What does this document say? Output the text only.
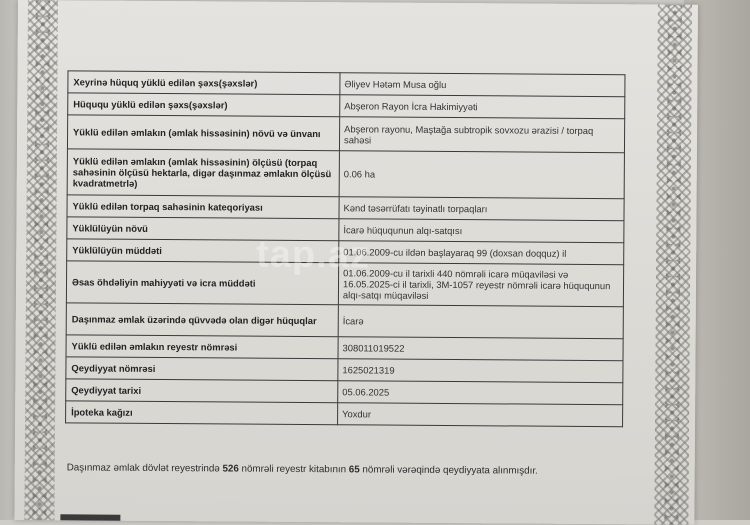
Xeyrinə hüquq yüklü edilən şəxs(şəxslər)	Əliyev Hətəm Musa oğlu
Hüququ yüklü edilən şəxs(şəxslər)	Abşeron Rayon İcra Hakimiyyəti
Yüklü edilən əmlakın (əmlak hissəsinin) növü və ünvanı	Abşeron rayonu, Maştağa subtropik sovxozu ərazisi / torpaq sahəsi
Yüklü edilən əmlakın (əmlak hissəsinin) ölçüsü (torpaq sahəsinin ölçüsü hektarla, digər daşınmaz əmlakın ölçüsü kvadratmetrlə)	0.06 ha
Yüklü edilən torpaq sahəsinin kateqoriyası	Kənd təsərrüfatı təyinatlı torpaqları
Yüklülüyün növü	İcarə hüququnun alqı-satqısı
Yüklülüyün müddəti	01.06.2009-cu ildən başlayaraq 99 (doxsan doqquz) il
Əsas öhdəliyin mahiyyəti və icra müddəti	01.06.2009-cu il tarixli 440 nömrəli icarə müqaviləsi və 16.05.2025-ci il tarixli, 3M-1057 reyestr nömrəli icarə hüququnun alqı-satqı müqaviləsi
Daşınmaz əmlak üzərində qüvvədə olan digər hüquqlar	İcarə
Yüklü edilən əmlakın reyestr nömrəsi	308011019522
Qeydiyyat nömrəsi	1625021319
Qeydiyyat tarixi	05.06.2025
İpoteka kağızı	Yoxdur
tap.az
Daşınmaz əmlak dövlət reyestrində 526 nömrəli reyestr kitabının 65 nömrəli vərəqində qeydiyyata alınmışdır.
